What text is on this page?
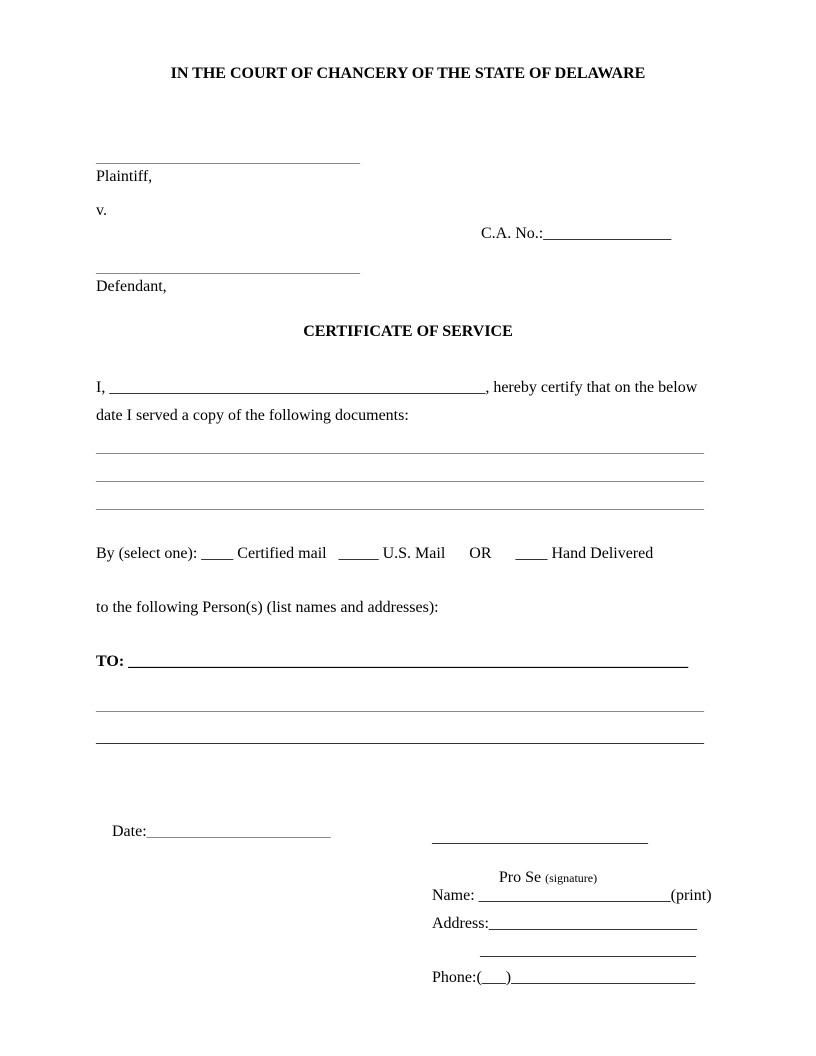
IN THE COURT OF CHANCERY OF THE STATE OF DELAWARE
_________________________________
Plaintiff,
v.
C.A. No.:________________
_________________________________
Defendant,
CERTIFICATE OF SERVICE
I, _______________________________________________, hereby certify that on the below
date I served a copy of the following documents:
____________________________________________________________________________
____________________________________________________________________________
____________________________________________________________________________
By (select one): ____ Certified mail   _____ U.S. Mail      OR      ____ Hand Delivered
to the following Person(s) (list names and addresses):
TO: ______________________________________________________________________
____________________________________________________________________________
____________________________________________________________________________

Date:_______________________
	___________________________

Pro Se (signature)

Name: ________________________(print)
Address:__________________________
___________________________
Phone:(___)_______________________
